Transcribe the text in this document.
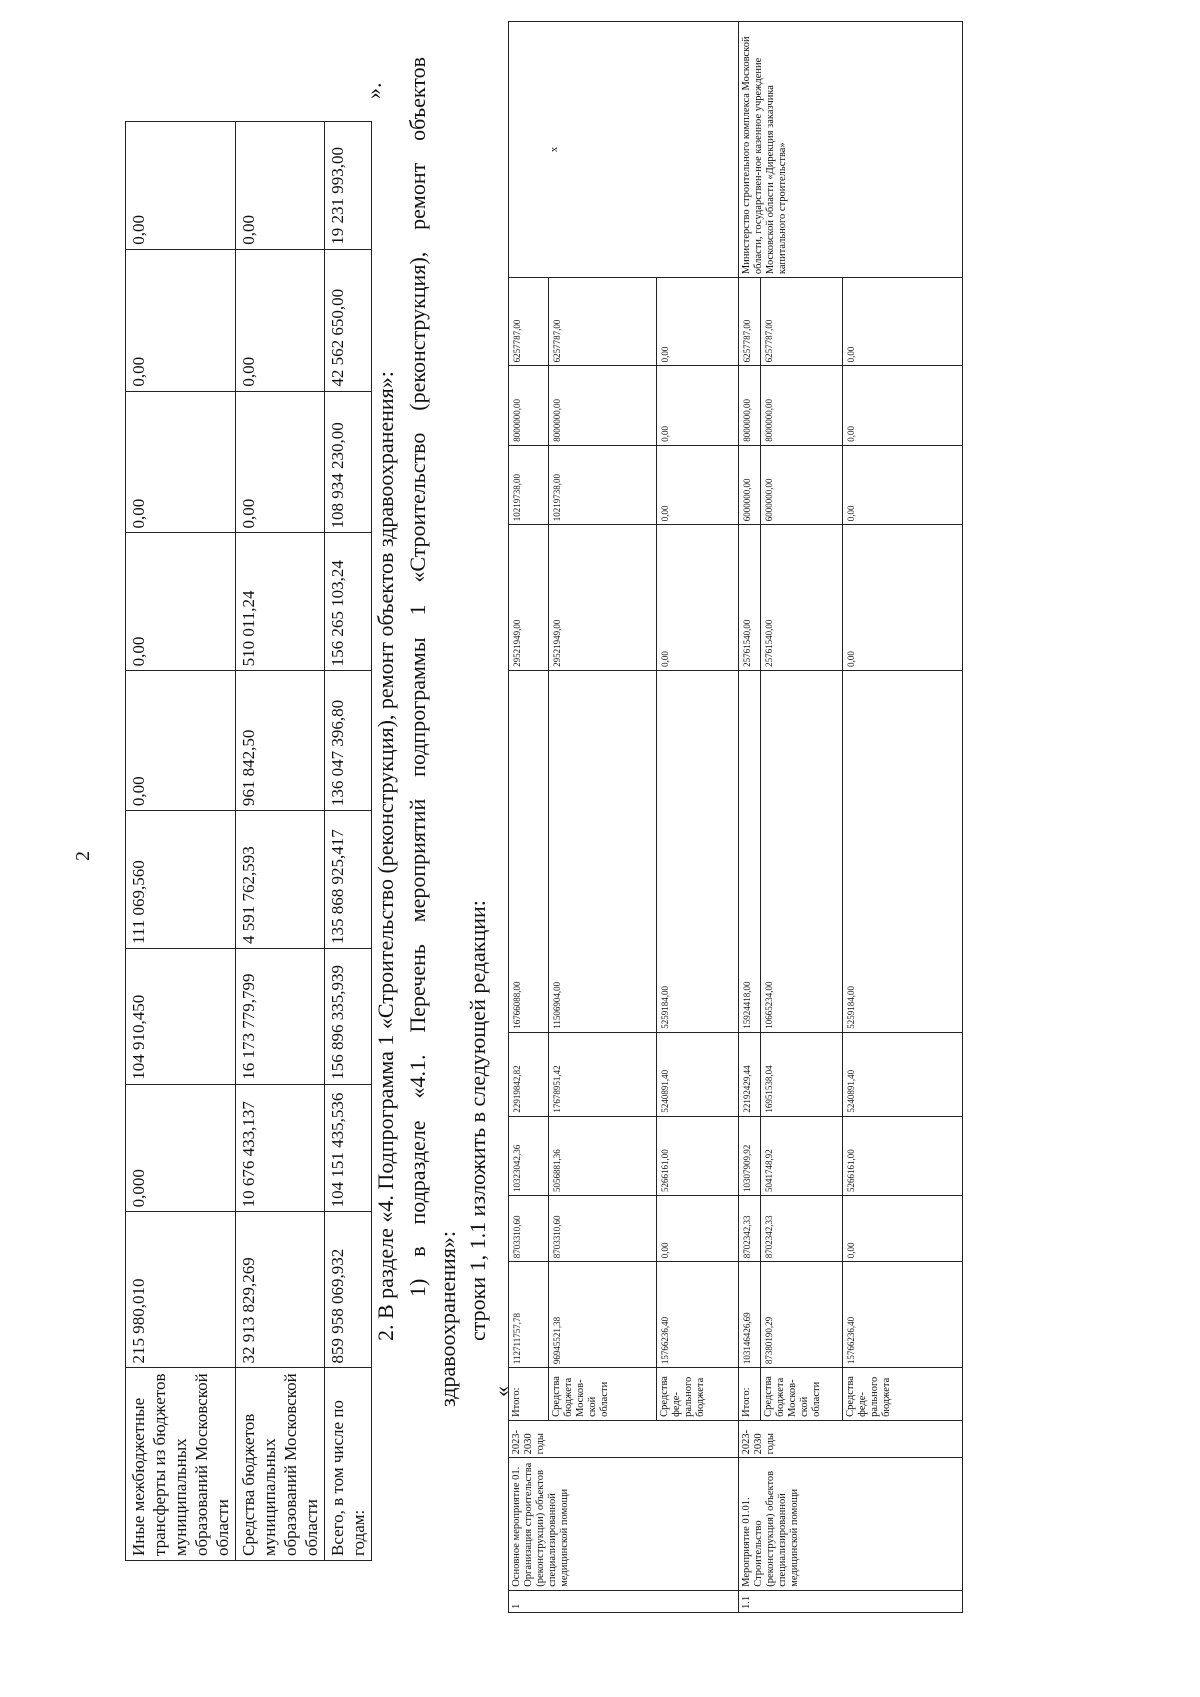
2
Иные межбюджетные трансферты из бюджетов муниципальных образований Московской области	215 980,010	0,000	104 910,450	111 069,560	0,00	0,00	0,00	0,00	0,00
Средства бюджетов муниципальных образований Московской области	32 913 829,269	10 676 433,137	16 173 779,799	4 591 762,593	961 842,50	510 011,24	0,00	0,00	0,00
Всего, в том числе по годам:	859 958 069,932	104 151 435,536	156 896 335,939	135 868 925,417	136 047 396,80	156 265 103,24	108 934 230,00	42 562 650,00	19 231 993,00
».
2. В разделе «4. Подпрограмма 1 «Строительство (реконструкция), ремонт объектов здравоохранения»: 1) в подразделе «4.1. Перечень мероприятий подпрограммы 1 «Строительство (реконструкция), ремонт объектов
здравоохранения»: строки 1, 1.1 изложить в следующей редакции:
«
1	Основное мероприятие 01. Организация строительства (реконструкции) объектов специализированной медицинской помощи	2023-2030 годы	Итого:	112711757,78	8703310,60	10323042,36	22919842,82	16766088,00	29521949,00	10219738,00	8000000,00	6257787,00	x
			Средства бюджета Москов-ской области	96945521,38	8703310,60	5056881,36	17678951,42	11506904,00	29521949,00	10219738,00	8000000,00	6257787,00	
			Средства феде-рального бюджета	15766236,40	0,00	5266161,00	5240891,40	5259184,00	0,00	0,00	0,00	0,00	
1.1	Мероприятие 01.01. Строительство (реконструкция) объектов специализированной медицинской помощи	2023-2030 годы	Итого:	103146426,69	8702342,33	10307909,92	22192429,44	15924418,00	25761540,00	6000000,00	8000000,00	6257787,00	Министерство строительного комплекса Московской области, государствен-ное казенное учреждение Московской области «Дирекция заказчика капитального строительства»
			Средства бюджета Москов-ской области	87380190,29	8702342,33	5041748,92	16951538,04	10665234,00	25761540,00	6000000,00	8000000,00	6257787,00	
			Средства феде-рального бюджета	15766236,40	0,00	5266161,00	5240891,40	5259184,00	0,00	0,00	0,00	0,00	
